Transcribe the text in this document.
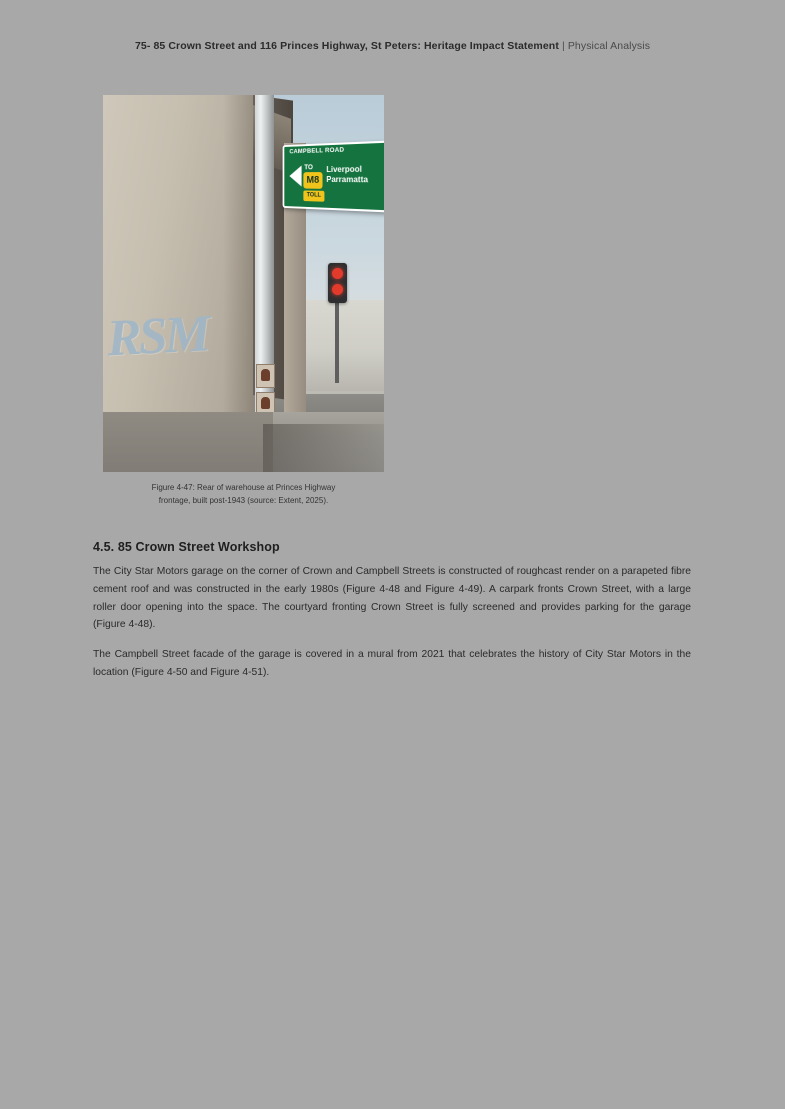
75- 85 Crown Street and 116 Princes Highway, St Peters: Heritage Impact Statement | Physical Analysis
RSM
CAMPBELL ROAD
TO
M8
Liverpool Parramatta
TOLL
Figure 4-47: Rear of warehouse at Princes Highway
frontage, built post-1943 (source: Extent, 2025).
4.5. 85 Crown Street Workshop

The City Star Motors garage on the corner of Crown and Campbell Streets is constructed of roughcast render on a parapeted fibre cement roof and was constructed in the early 1980s (Figure 4-48 and Figure 4-49). A carpark fronts Crown Street, with a large roller door opening into the space. The courtyard fronting Crown Street is fully screened and provides parking for the garage (Figure 4-48).

The Campbell Street facade of the garage is covered in a mural from 2021 that celebrates the history of City Star Motors in the location (Figure 4-50 and Figure 4-51).
